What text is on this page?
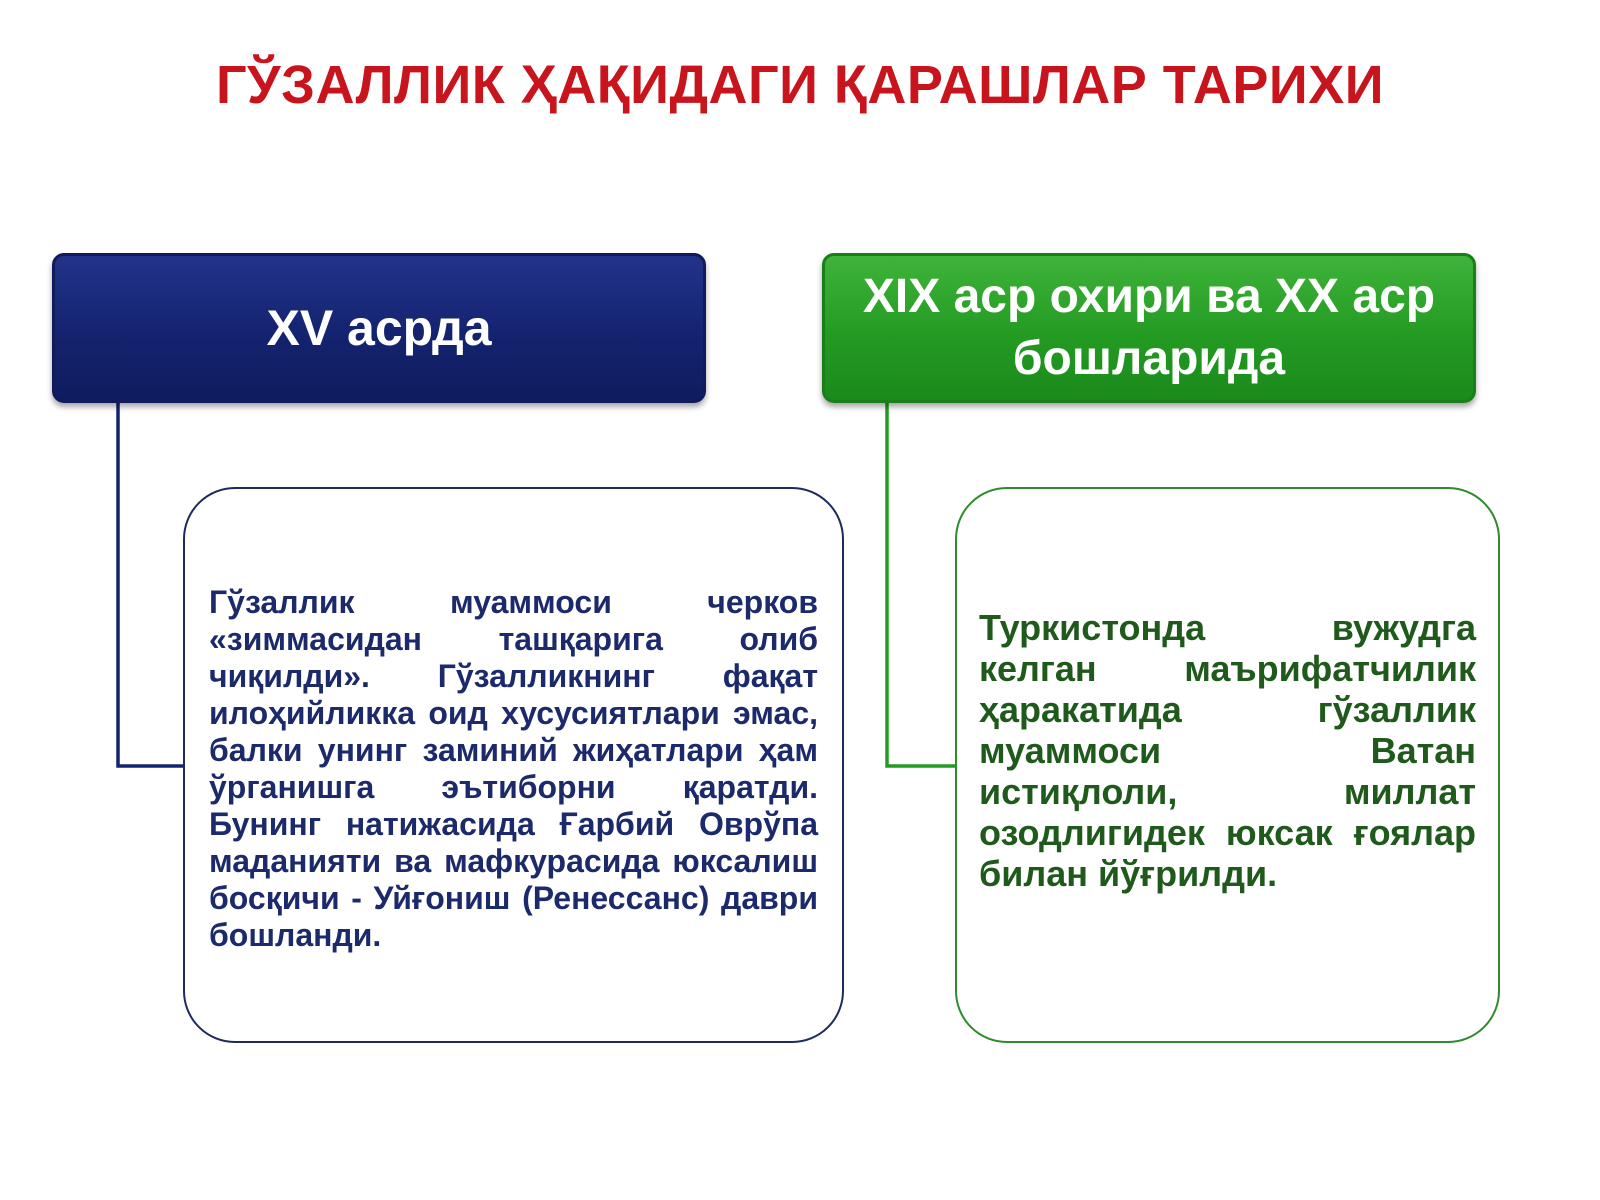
ГЎЗАЛЛИК ҲАҚИДАГИ ҚАРАШЛАР ТАРИХИ
XV асрда
XIX аср охири ва XX аср
бошларида
Гўзаллик муаммоси черков «зиммасидан ташқарига олиб чиқилди». Гўзалликнинг фақат илоҳийликка оид хусусиятлари эмас, балки унинг заминий жиҳатлари ҳам ўрганишга эътиборни қаратди. Бунинг натижасида Ғарбий Оврўпа маданияти ва мафкурасида юксалиш босқичи - Уйғониш (Ренессанс) даври бошланди.
Туркистонда вужудга келган маърифатчилик ҳаракатида гўзаллик муаммоси Ватан истиқлоли, миллат озодлигидек юксак ғоялар билан йўғрилди.
